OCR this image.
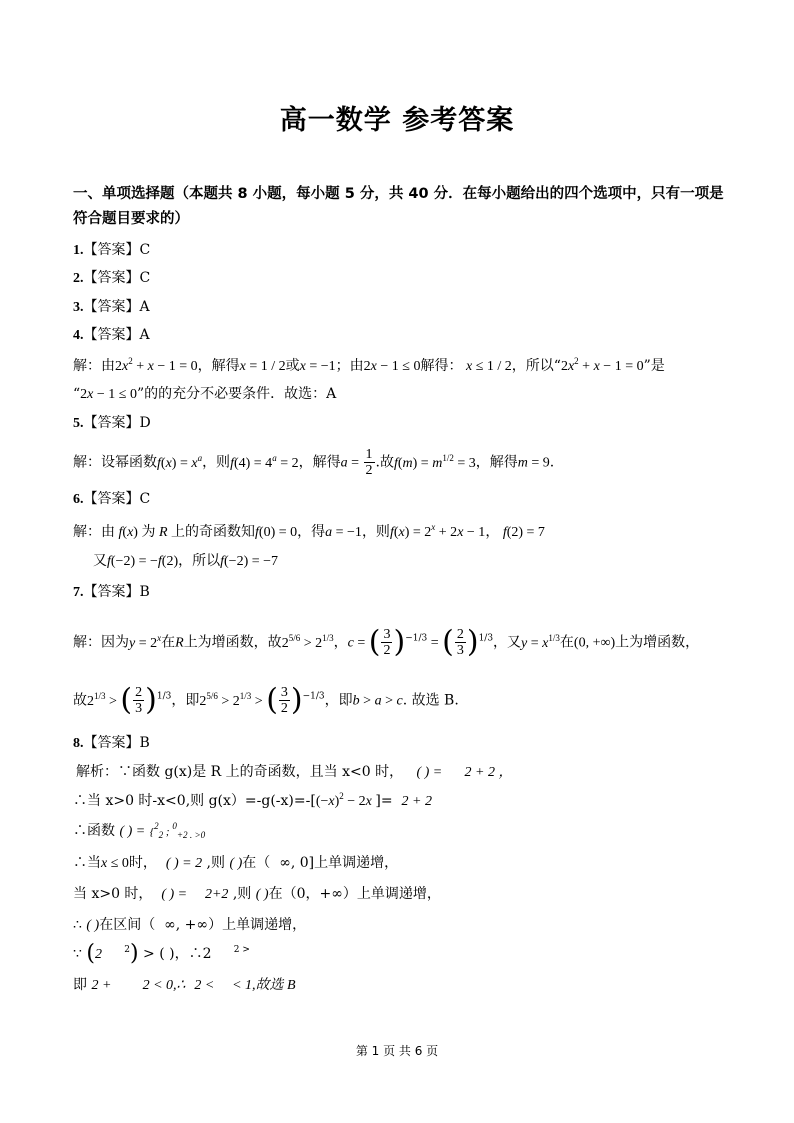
高一数学 参考答案
一、单项选择题（本题共 8 小题，每小题 5 分，共 40 分．在每小题给出的四个选项中，只有一项是符合题目要求的）
1.【答案】C
2.【答案】C
3.【答案】A
4.【答案】A
解：由$2x^2 + x - 1 = 0$，解得x = 1 / 2或x = −1；由2x − 1 ≤ 0解得： x ≤ 1 / 2，所以“$2x^2 + x - 1 = 0$”是
“2x − 1 ≤ 0”的的充分不必要条件．故选：A
5.【答案】D
解：设幂函数$f(x) = x^a$，则$f(4) = 4^a = 2$，解得$a = \frac{1}{2}$ .故$f(m) = m^{1/2} = 3$，解得m = 9.
6.【答案】C
解：由 f(x) 为 R 上的奇函数知f(0) = 0，得a = −1，则$f(x) = 2^x + 2x - 1$， f(2) = 7
又f(−2) = −f(2)，所以f(−2) = −7
7.【答案】B
解：因为$y = 2^x$在R上为增函数，故$2^{5/6} > 2^{1/3}$，c = ( $\frac{3}{2} )^{-1/3}$ = ( $\frac{2}{3} )^{1/3}$，又$y = x^{1/3}$在(0, +∞)上为增函数，
故$2^{1/3}$ > ( $\frac{2}{3} )^{1/3}$，即$2^{5/6} > 2^{1/3}$ > ( $\frac{3}{2} )^{-1/3}$，即b > a > c. 故选 B.
8.【答案】B
解析：∵函数 g(x)是 R 上的奇函数，且当 x<0 时， ( ) = 2 + 2 ，
∴当 x>0 时-x<0,则 $g(x)=-g(-x)=-[(-x)^2 - 2x$ ]= 2 + 2
∴函数 ( ) = {$^2_2$ ; $^0_{+2 . >0}$
∴当x ≤ 0时， ( ) = 2 ,则 ( )在（ ∞, 0]上单调递增，
当 x>0 时， ( ) = 2+2 ,则 ( )在（0，+∞）上单调递增，
∴ ( )在区间（ ∞, +∞）上单调递增，
∵ (2 $^2$) > ( )，∴2 $^{2 >}$
即 2 + 2 < 0,∴ 2 < < 1,故选 B
第 1 页 共 6 页
